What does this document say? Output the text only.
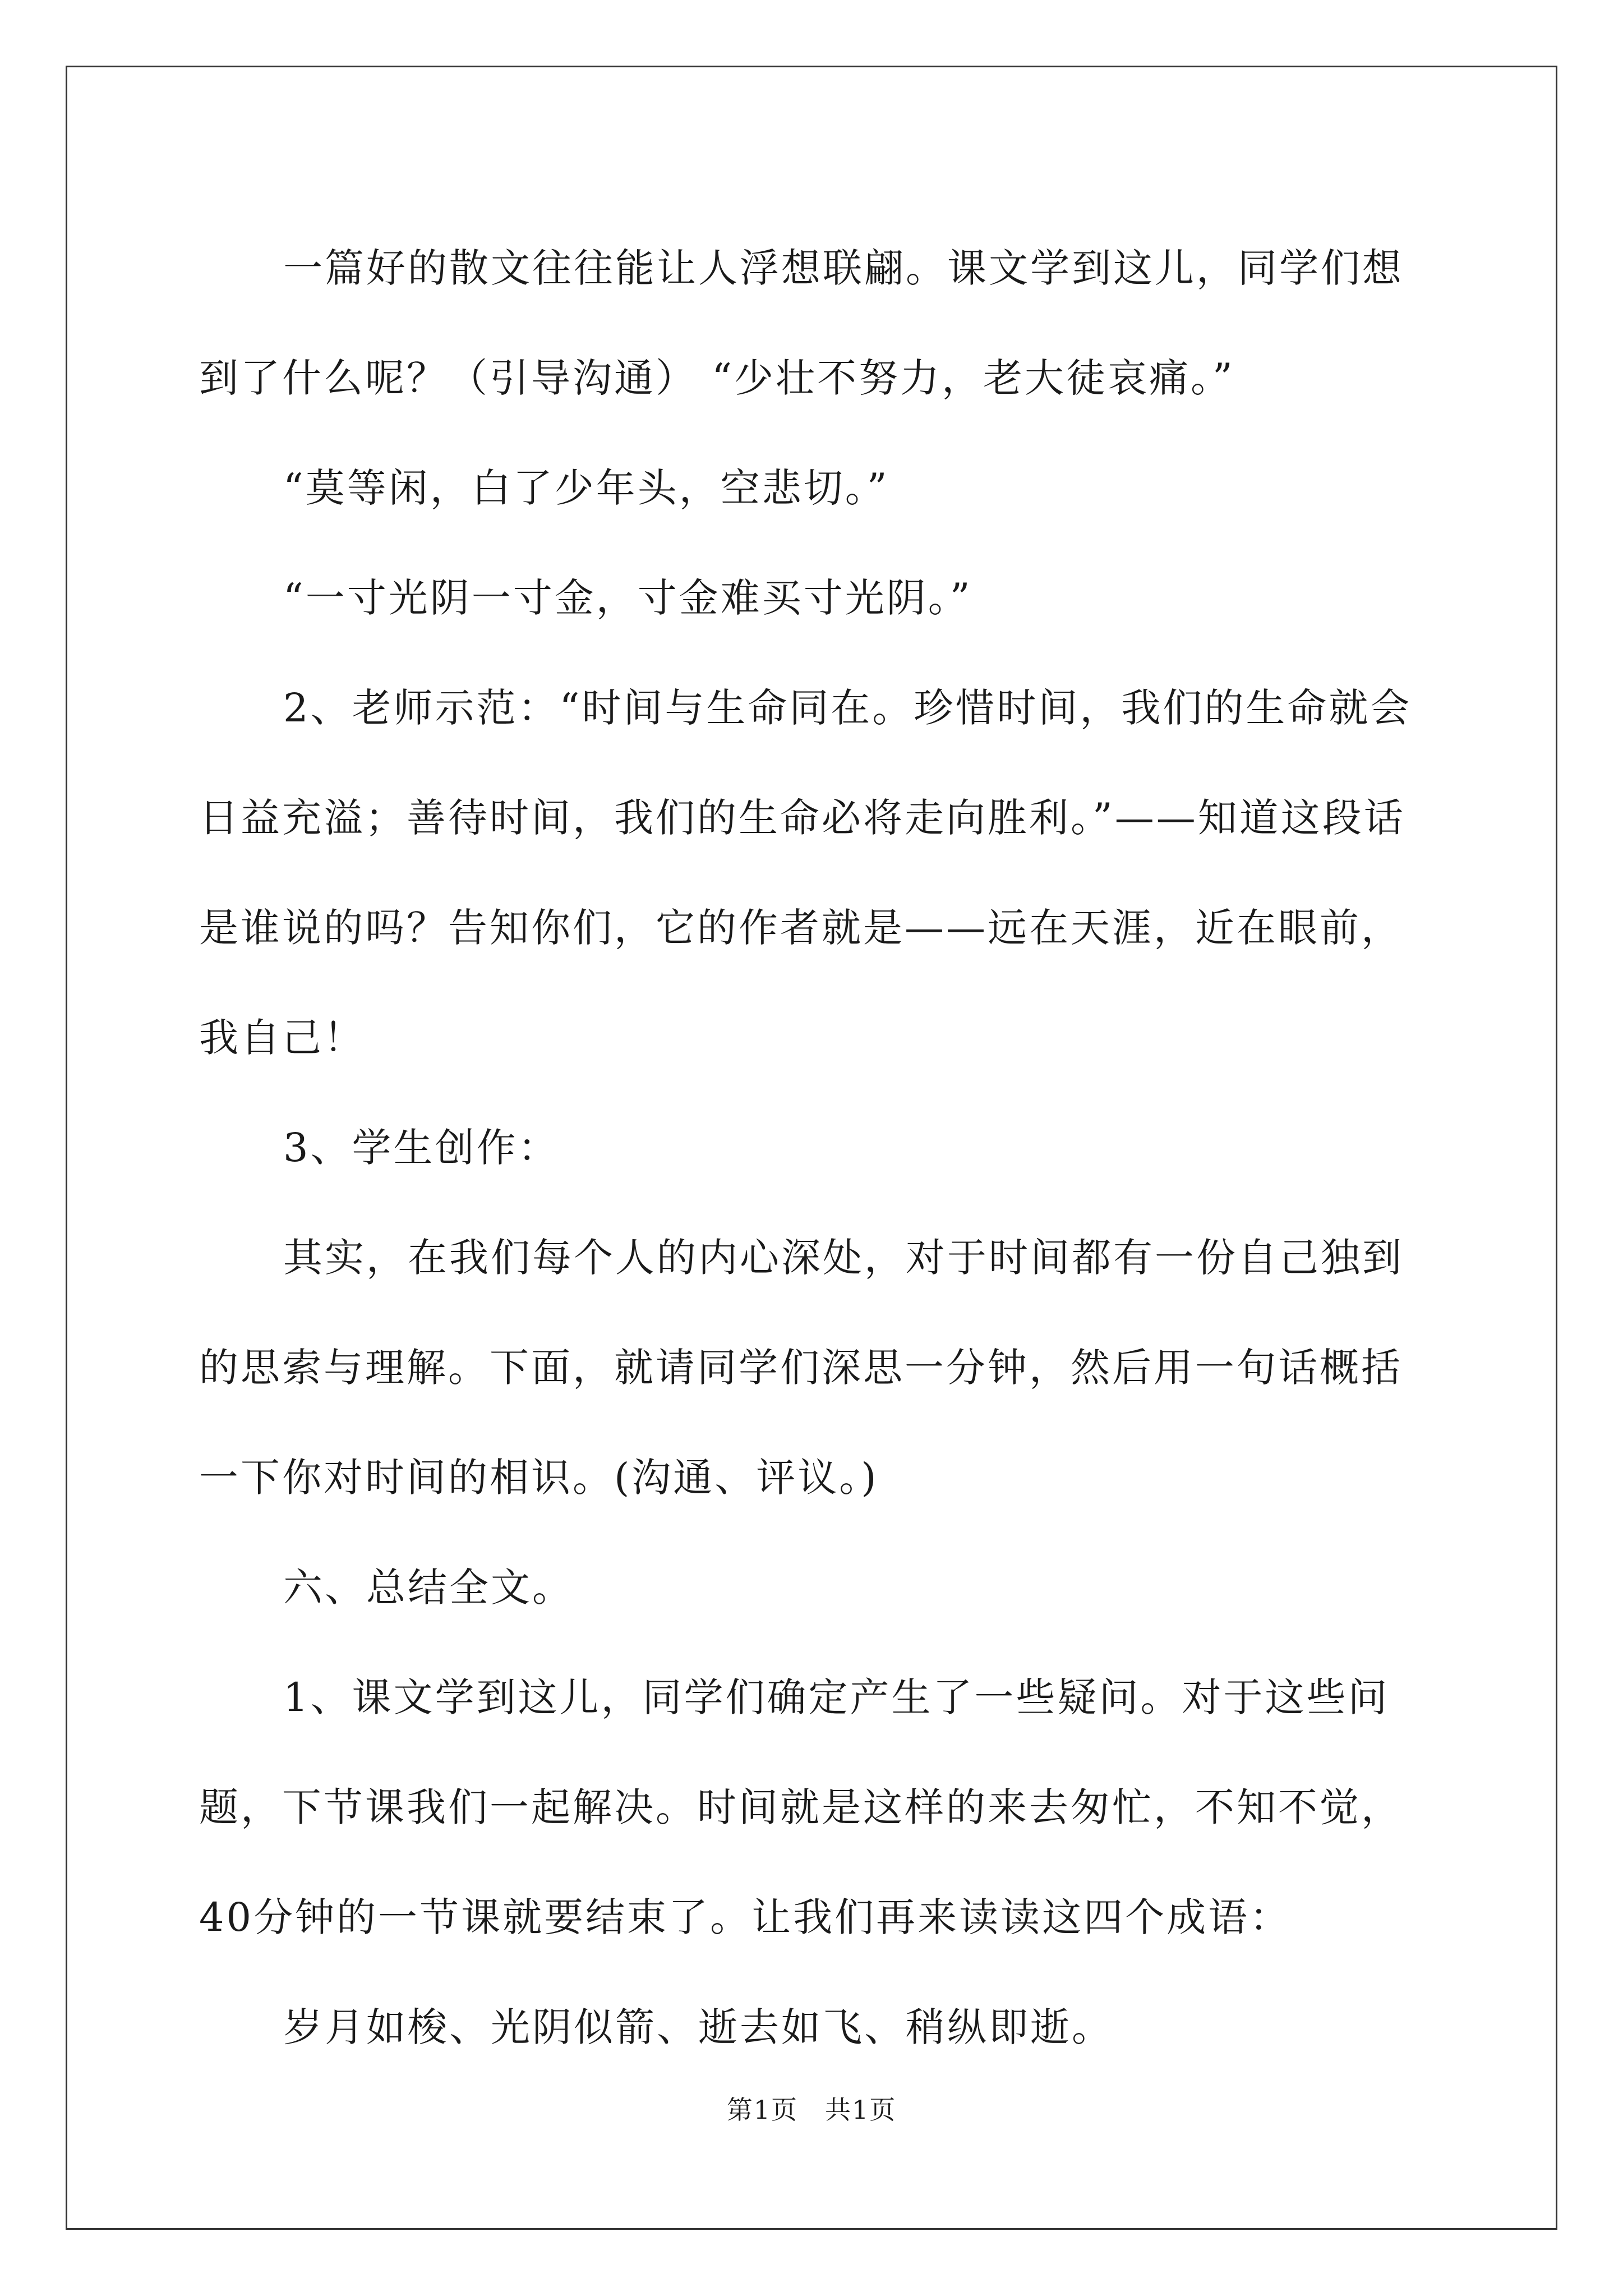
一篇好的散文往往能让人浮想联翩。课文学到这儿，同学们想到了什么呢？（引导沟通） “少壮不努力，老大徒哀痛。”

“莫等闲，白了少年头，空悲切。”

“一寸光阴一寸金，寸金难买寸光阴。”

2、老师示范：“时间与生命同在。珍惜时间，我们的生命就会日益充溢；善待时间，我们的生命必将走向胜利。”——知道这段话是谁说的吗？告知你们，它的作者就是——远在天涯，近在眼前，我自己！

3、学生创作：

其实，在我们每个人的内心深处，对于时间都有一份自己独到的思索与理解。下面，就请同学们深思一分钟，然后用一句话概括一下你对时间的相识。(沟通、评议。)

六、总结全文。

1、课文学到这儿，同学们确定产生了一些疑问。对于这些问题，下节课我们一起解决。时间就是这样的来去匆忙，不知不觉，40分钟的一节课就要结束了。让我们再来读读这四个成语：

岁月如梭、光阴似箭、逝去如飞、稍纵即逝。

第1页　共1页
